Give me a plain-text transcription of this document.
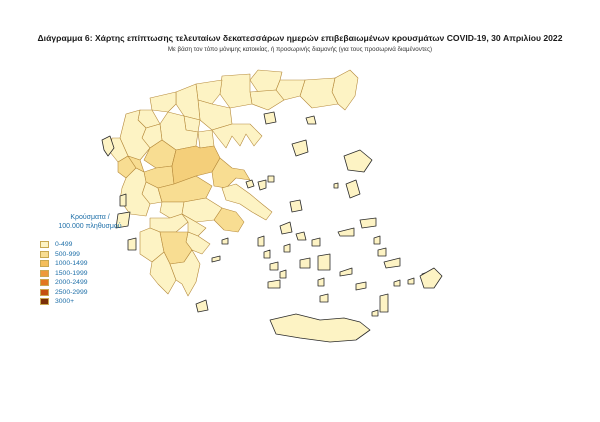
Διάγραμμα 6: Χάρτης επίπτωσης τελευταίων δεκατεσσάρων ημερών επιβεβαιωμένων κρουσμάτων COVID-19, 30 Απριλίου 2022
Με βάση τον τόπο μόνιμης κατοικίας, ή προσωρινής διαμονής (για τους προσωρινά διαμένοντες)
Κρούσματα /
100.000 πληθυσμού
0-499
500-999
1000-1499
1500-1999
2000-2499
2500-2999
3000+
